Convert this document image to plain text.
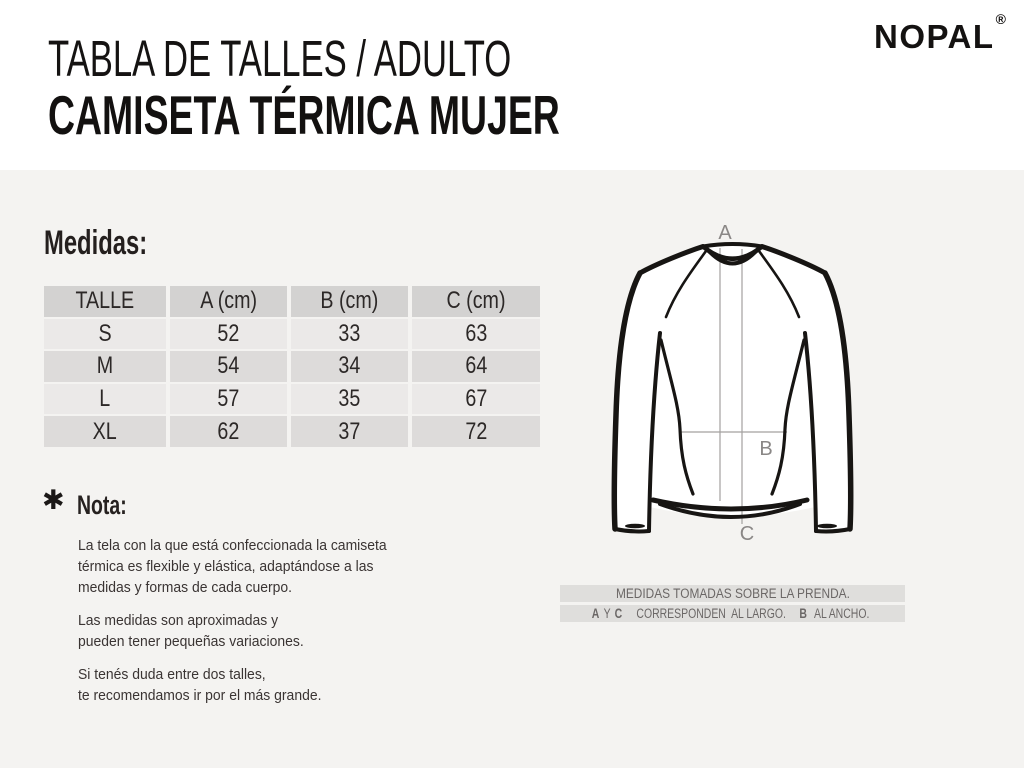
TABLA DE TALLES / ADULTO
CAMISETA TÉRMICA MUJER
NOPAL®
Medidas:
TALLE	A (cm)	B (cm)	C (cm)
S	52	33	63
M	54	34	64
L	57	35	67
XL	62	37	72
✱ Nota:

La tela con la que está confeccionada la camiseta
térmica es flexible y elástica, adaptándose a las
medidas y formas de cada cuerpo.

Las medidas son aproximadas y
pueden tener pequeñas variaciones.

Si tenés duda entre dos talles,
te recomendamos ir por el más grande.

A
B
C
MEDIDAS TOMADAS SOBRE LA PRENDA.
A Y C CORRESPONDEN  AL LARGO. B AL ANCHO.
